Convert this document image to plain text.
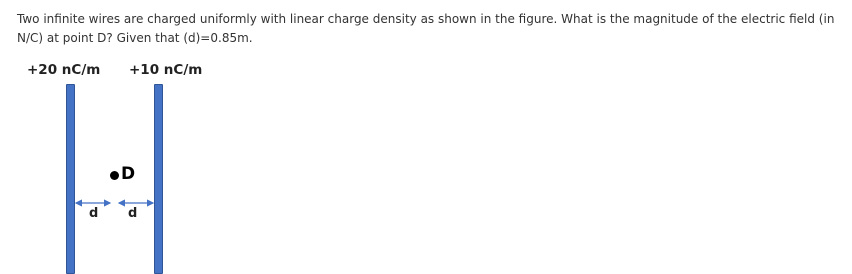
Two infinite wires are charged uniformly with linear charge density as shown in the figure. What is the magnitude of the electric field (in N/C) at point D? Given that (d)=0.85m.

+20 nC/m +10 nC/m
D
d d
